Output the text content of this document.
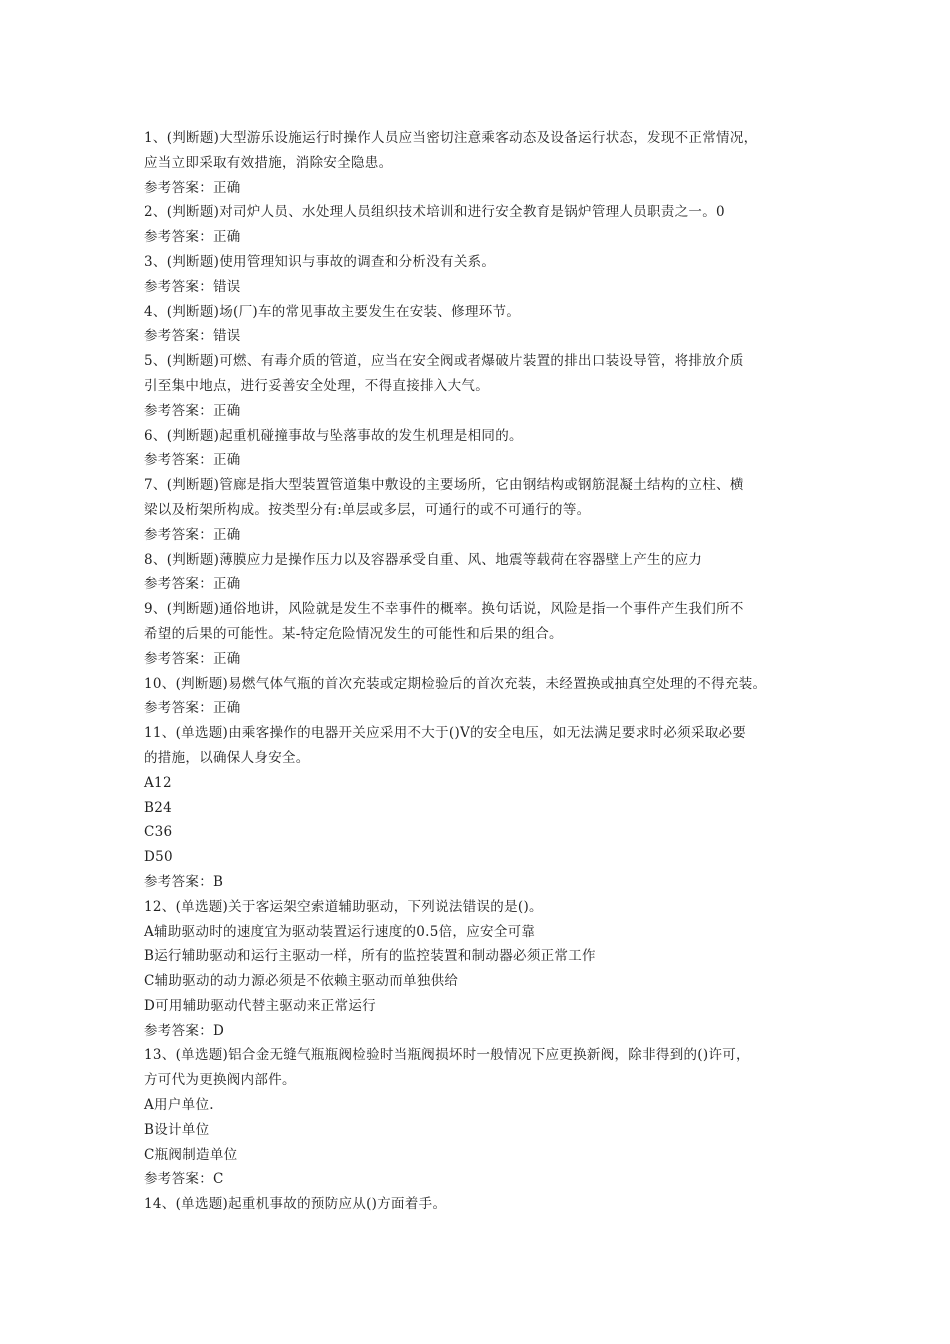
1、(判断题)大型游乐设施运行时操作人员应当密切注意乘客动态及设备运行状态，发现不正常情况，
应当立即采取有效措施，消除安全隐患。
参考答案：正确
2、(判断题)对司炉人员、水处理人员组织技术培训和进行安全教育是锅炉管理人员职责之一。0
参考答案：正确
3、(判断题)使用管理知识与事故的调查和分析没有关系。
参考答案：错误
4、(判断题)场(厂)车的常见事故主要发生在安装、修理环节。
参考答案：错误
5、(判断题)可燃、有毒介质的管道，应当在安全阀或者爆破片装置的排出口装设导管，将排放介质
引至集中地点，进行妥善安全处理，不得直接排入大气。
参考答案：正确
6、(判断题)起重机碰撞事故与坠落事故的发生机理是相同的。
参考答案：正确
7、(判断题)管廊是指大型装置管道集中敷设的主要场所，它由钢结构或钢筋混凝土结构的立柱、横
梁以及桁架所构成。按类型分有:单层或多层，可通行的或不可通行的等。
参考答案：正确
8、(判断题)薄膜应力是操作压力以及容器承受自重、风、地震等载荷在容器壁上产生的应力
参考答案：正确
9、(判断题)通俗地讲，风险就是发生不幸事件的概率。换句话说，风险是指一个事件产生我们所不
希望的后果的可能性。某-特定危险情况发生的可能性和后果的组合。
参考答案：正确
10、(判断题)易燃气体气瓶的首次充装或定期检验后的首次充装，未经置换或抽真空处理的不得充装。
参考答案：正确
11、(单选题)由乘客操作的电器开关应采用不大于()V的安全电压，如无法满足要求时必须采取必要
的措施，以确保人身安全。
A12
B24
C36
D50
参考答案：B
12、(单选题)关于客运架空索道辅助驱动，下列说法错误的是()。
A辅助驱动时的速度宜为驱动装置运行速度的0.5倍，应安全可靠
B运行辅助驱动和运行主驱动一样，所有的监控装置和制动器必须正常工作
C辅助驱动的动力源必须是不依赖主驱动而单独供给
D可用辅助驱动代替主驱动来正常运行
参考答案：D
13、(单选题)铝合金无缝气瓶瓶阀检验时当瓶阀损坏时一般情况下应更换新阀，除非得到的()许可，
方可代为更换阀内部件。
A用户单位.
B设计单位
C瓶阀制造单位
参考答案：C
14、(单选题)起重机事故的预防应从()方面着手。
